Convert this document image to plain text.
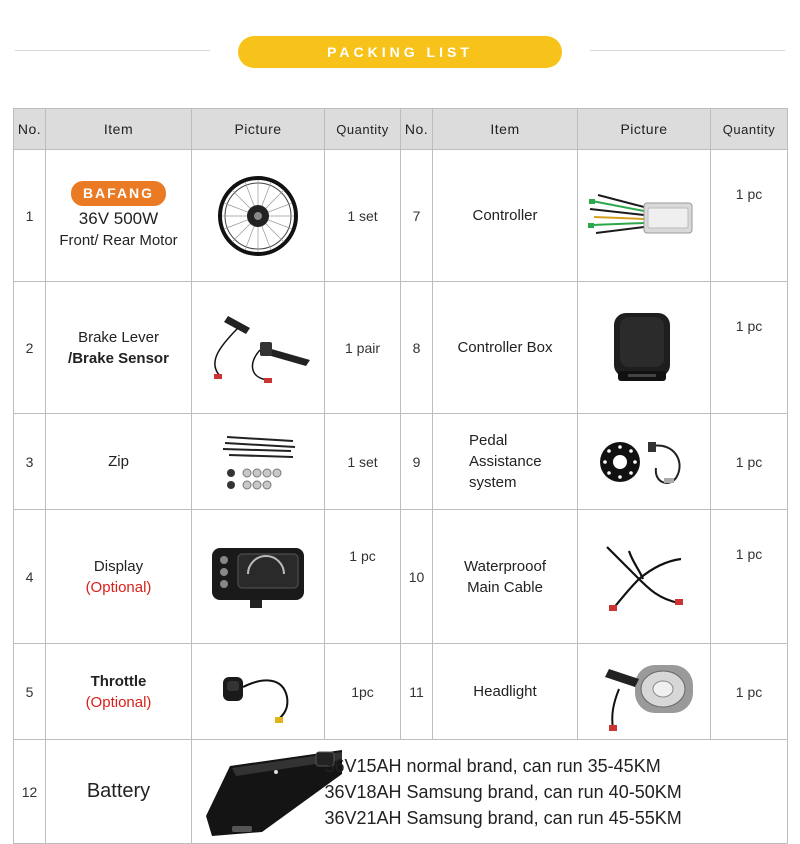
PACKING LIST
No.	Item	Picture	Quantity	No.	Item	Picture	Quantity
1	BAFANG
36V 500W
Front/ Rear Motor		1 set	7	Controller		1 pc
2	Brake Lever
/Brake Sensor		1 pair	8	Controller Box		1 pc
3	Zip		1 set	9	Pedal Assistance
system		1 pc
4	Display
(Optional)		1 pc	10	Waterprooof
Main Cable		1 pc
5	Throttle
(Optional)		1pc	11	Headlight		1 pc
12	Battery		36V15AH normal brand, can run 35-45KM
36V18AH Samsung brand, can run 40-50KM
36V21AH Samsung brand, can run 45-55KM				
